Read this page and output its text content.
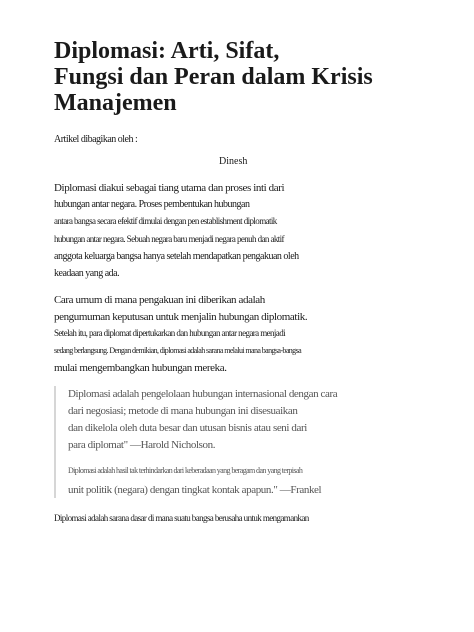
Diplomasi: Arti, Sifat,
Fungsi dan Peran dalam Krisis
Manajemen
Artikel dibagikan oleh :
Dinesh
Diplomasi diakui sebagai tiang utama dan proses inti dari
hubungan antar negara. Proses pembentukan hubungan
antara bangsa secara efektif dimulai dengan pen establishment diplomatik
hubungan antar negara. Sebuah negara baru menjadi negara penuh dan aktif
anggota keluarga bangsa hanya setelah mendapatkan pengakuan oleh
keadaan yang ada.
Cara umum di mana pengakuan ini diberikan adalah
pengumuman keputusan untuk menjalin hubungan diplomatik.
Setelah itu, para diplomat dipertukarkan dan hubungan antar negara menjadi
sedang berlangsung. Dengan demikian, diplomasi adalah sarana melalui mana bangsa-bangsa
mulai mengembangkan hubungan mereka.
Diplomasi adalah pengelolaan hubungan internasional dengan cara
dari negosiasi; metode di mana hubungan ini disesuaikan
dan dikelola oleh duta besar dan utusan bisnis atau seni dari
para diplomat" —Harold Nicholson.
Diplomasi adalah hasil tak terhindarkan dari keberadaan yang beragam dan yang terpisah
unit politik (negara) dengan tingkat kontak apapun." —Frankel
Diplomasi adalah sarana dasar di mana suatu bangsa berusaha untuk mengamankan
